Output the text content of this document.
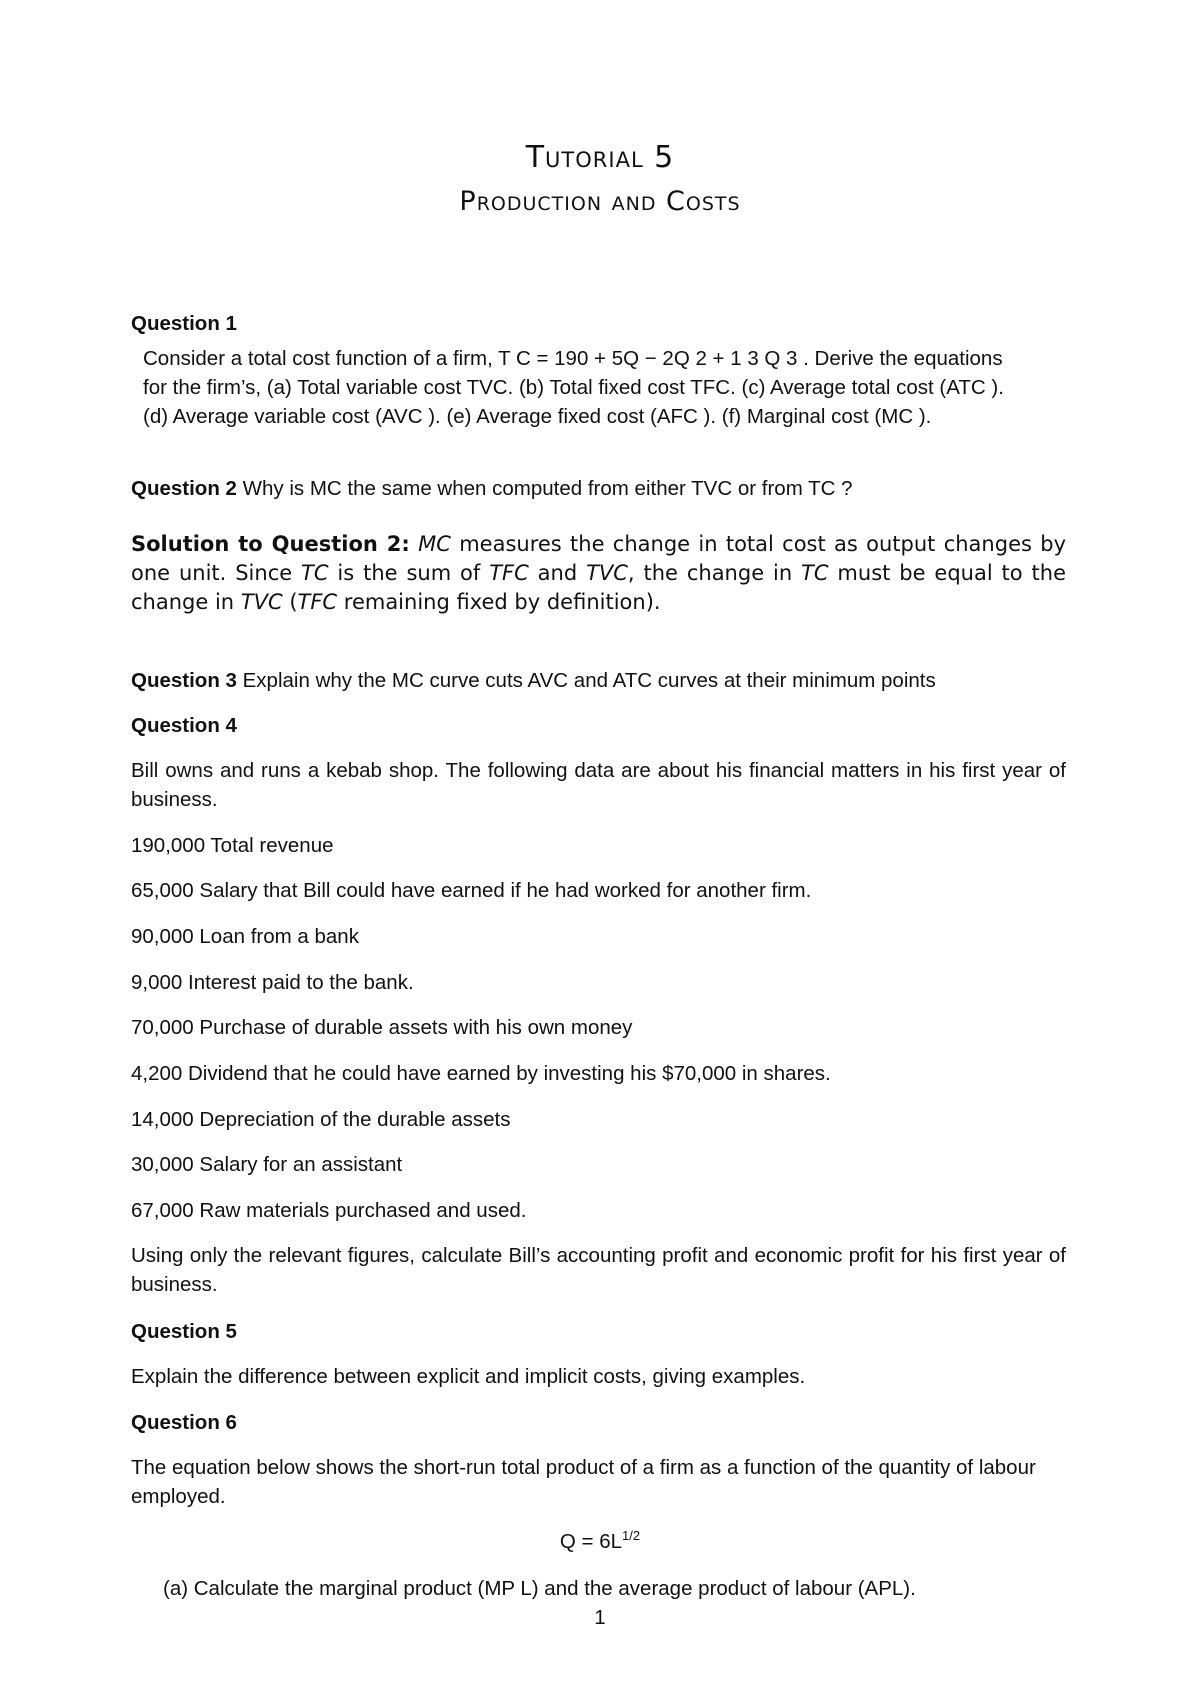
Tutorial 5
Production and Costs
Question 1
Consider a total cost function of a firm, T C = 190 + 5Q − 2Q 2 + 1 3 Q 3 . Derive the equations
for the firm’s, (a) Total variable cost TVC. (b) Total fixed cost TFC. (c) Average total cost (ATC ).
(d) Average variable cost (AVC ). (e) Average fixed cost (AFC ). (f) Marginal cost (MC ).
Question 2 Why is MC the same when computed from either TVC or from TC ?
Solution to Question 2: MC measures the change in total cost as output changes by one unit. Since TC is the sum of TFC and TVC, the change in TC must be equal to the change in TVC (TFC remaining fixed by definition).
Question 3 Explain why the MC curve cuts AVC and ATC curves at their minimum points
Question 4
Bill owns and runs a kebab shop. The following data are about his financial matters in his first year of business.
190,000 Total revenue
65,000 Salary that Bill could have earned if he had worked for another firm.
90,000 Loan from a bank
9,000 Interest paid to the bank.
70,000 Purchase of durable assets with his own money
4,200 Dividend that he could have earned by investing his $70,000 in shares.
14,000 Depreciation of the durable assets
30,000 Salary for an assistant
67,000 Raw materials purchased and used.
Using only the relevant figures, calculate Bill’s accounting profit and economic profit for his first year of business.
Question 5
Explain the difference between explicit and implicit costs, giving examples.
Question 6
The equation below shows the short-run total product of a firm as a function of the quantity of labour employed.
$Q = 6L^{1/2}$
(a) Calculate the marginal product (MP L) and the average product of labour (APL).
1
